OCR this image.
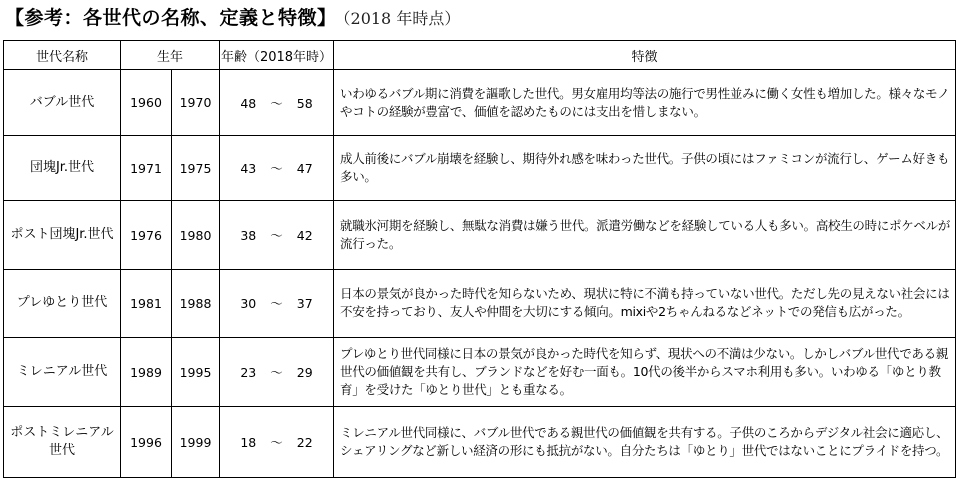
【参考：各世代の名称、定義と特徴】 （2018 年時点）
世代名称	生年		年齢（2018年時）	特徴
バブル世代	1960	1970	48 ～ 58	いわゆるバブル期に消費を謳歌した世代。男女雇用均等法の施行で男性並みに働く女性も増加した。様々なモノやコトの経験が豊富で、価値を認めたものには支出を惜しまない。
団塊Jr.世代	1971	1975	43 ～ 47	成人前後にバブル崩壊を経験し、期待外れ感を味わった世代。子供の頃にはファミコンが流行し、ゲーム好きも多い。
ポスト団塊Jr.世代	1976	1980	38 ～ 42	就職氷河期を経験し、無駄な消費は嫌う世代。派遣労働などを経験している人も多い。高校生の時にポケベルが流行った。
プレゆとり世代	1981	1988	30 ～ 37	日本の景気が良かった時代を知らないため、現状に特に不満も持っていない世代。ただし先の見えない社会には不安を持っており、友人や仲間を大切にする傾向。mixiや2ちゃんねるなどネットでの発信も広がった。
ミレニアル世代	1989	1995	23 ～ 29	プレゆとり世代同様に日本の景気が良かった時代を知らず、現状への不満は少ない。しかしバブル世代である親世代の価値観を共有し、ブランドなどを好む一面も。10代の後半からスマホ利用も多い。いわゆる「ゆとり教育」を受けた「ゆとり世代」とも重なる。
ポストミレニアル世代	1996	1999	18 ～ 22	ミレニアル世代同様に、バブル世代である親世代の価値観を共有する。子供のころからデジタル社会に適応し、シェアリングなど新しい経済の形にも抵抗がない。自分たちは「ゆとり」世代ではないことにプライドを持つ。
